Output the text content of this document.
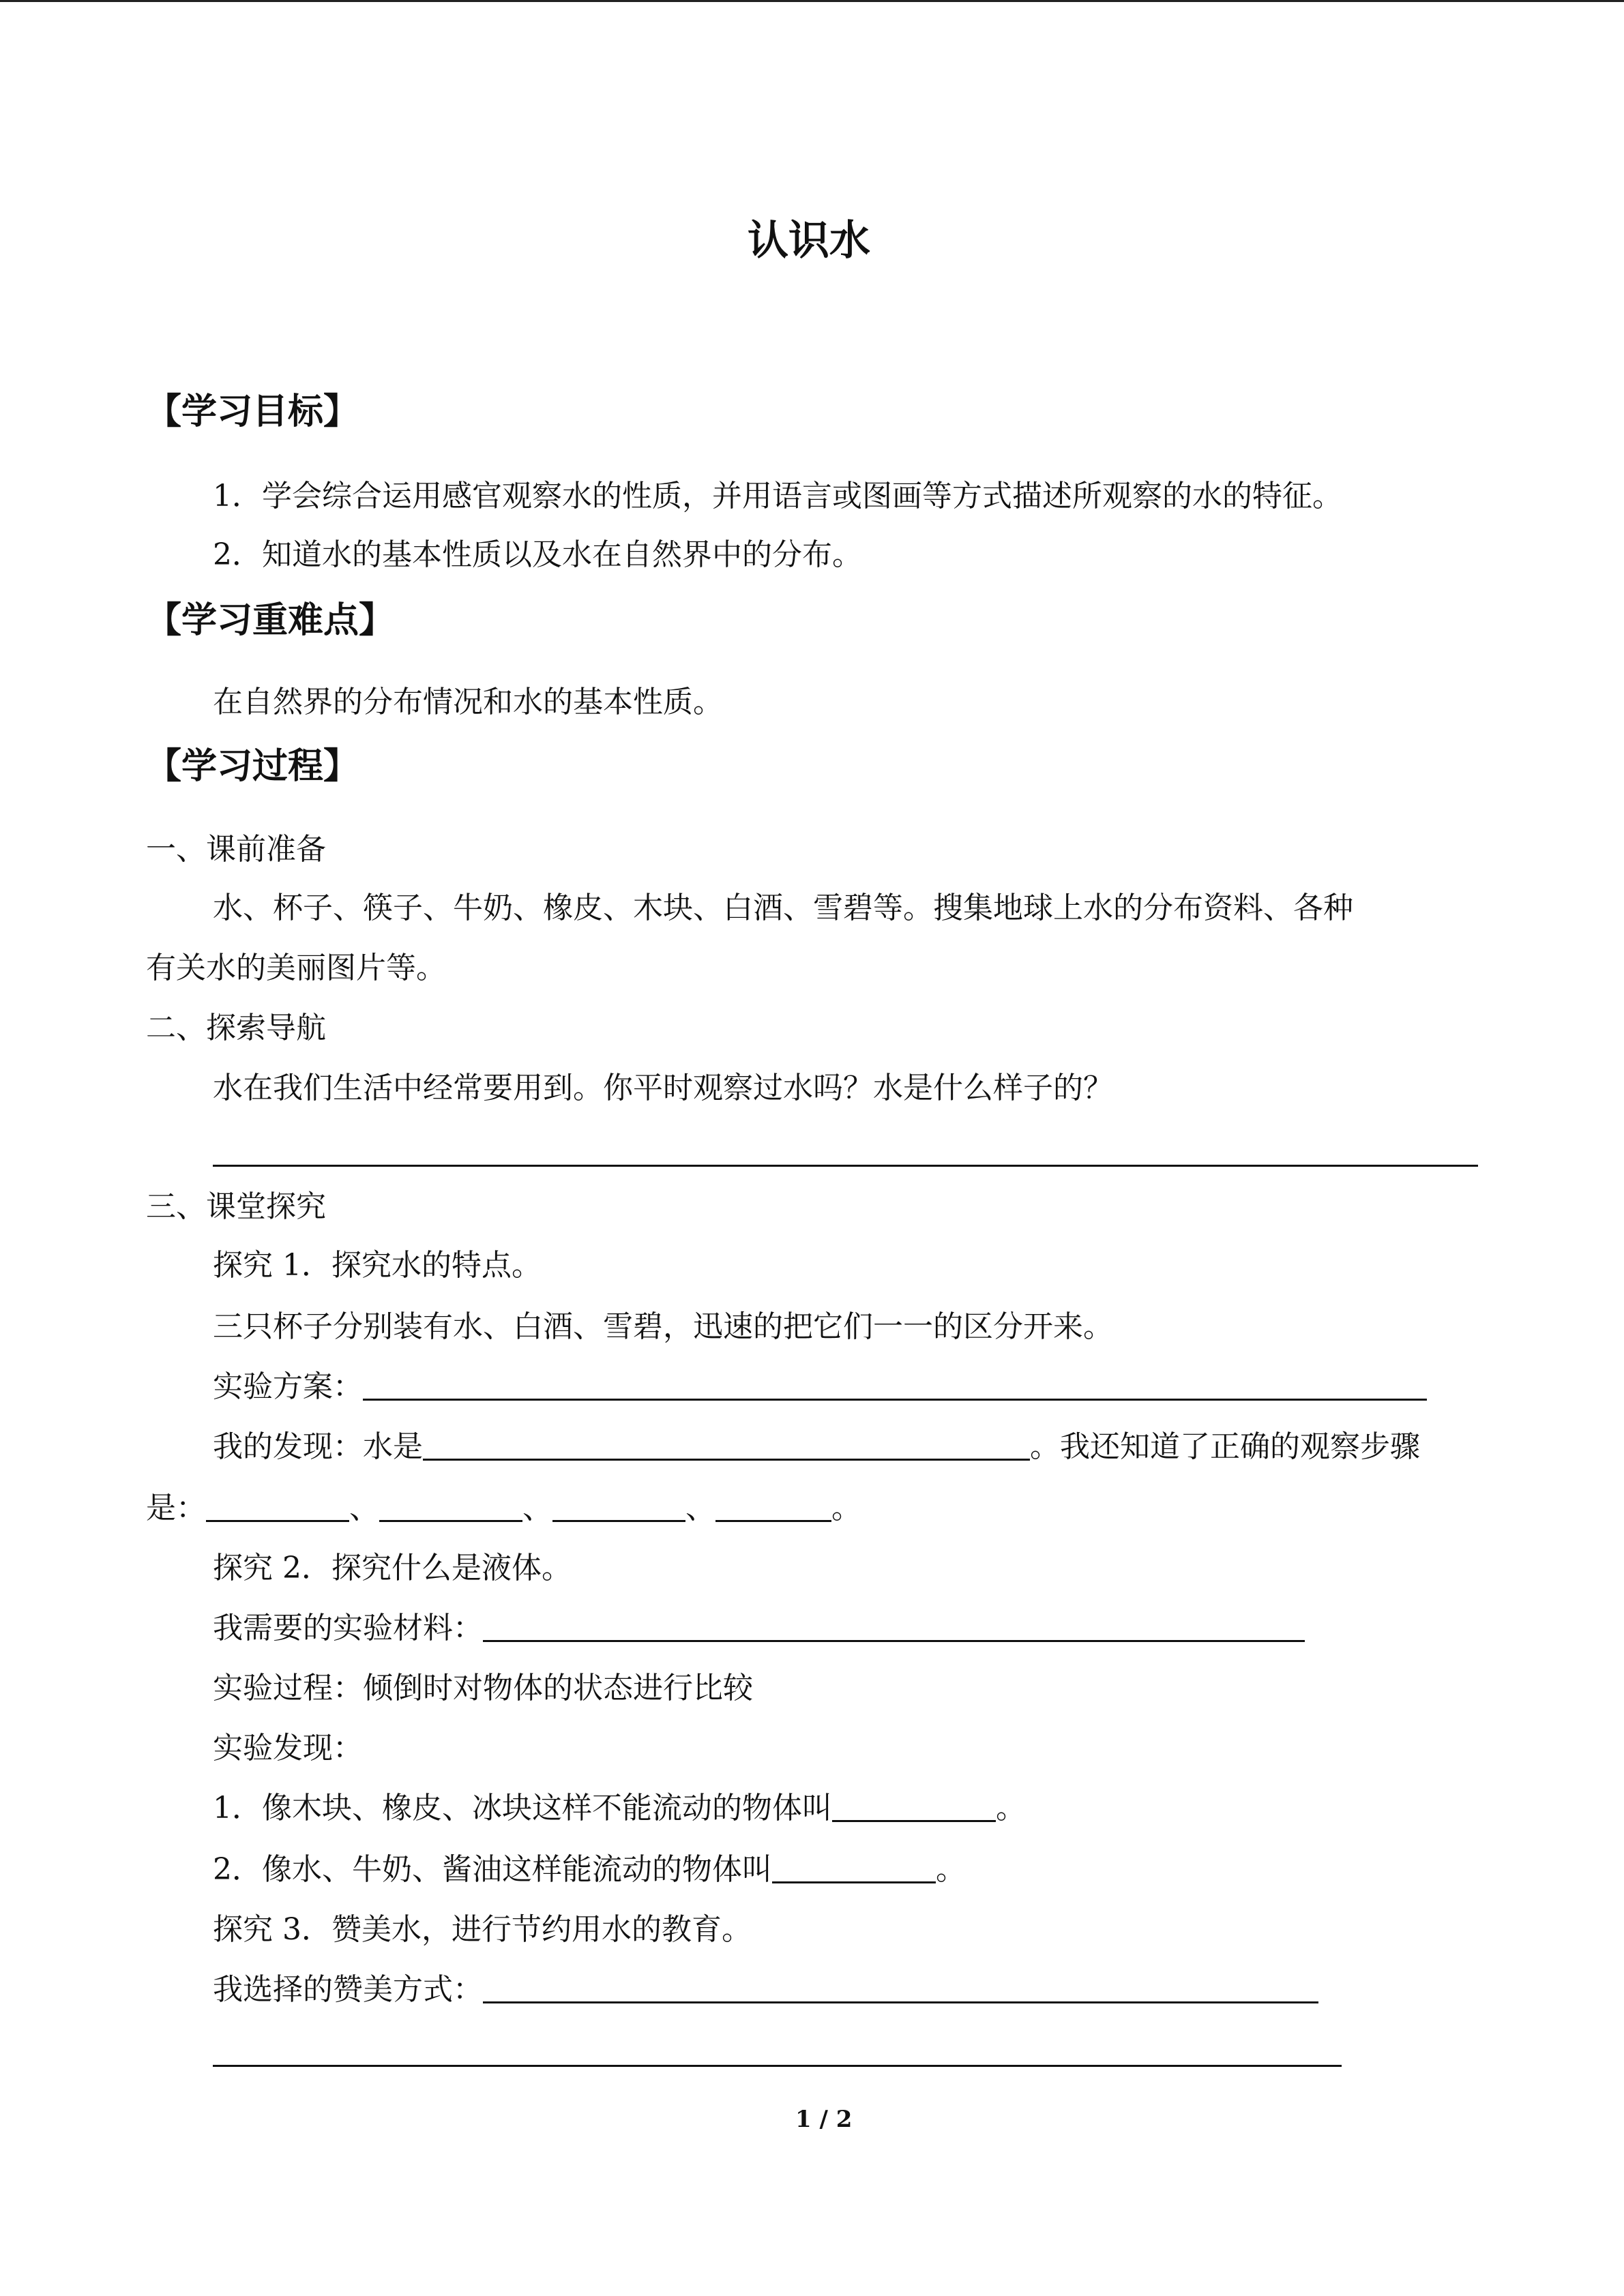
认识水
【学习目标】

1．学会综合运用感官观察水的性质，并用语言或图画等方式描述所观察的水的特征。

2．知道水的基本性质以及水在自然界中的分布。

【学习重难点】

在自然界的分布情况和水的基本性质。

【学习过程】

一、课前准备

水、杯子、筷子、牛奶、橡皮、木块、白酒、雪碧等。搜集地球上水的分布资料、各种

有关水的美丽图片等。

二、探索导航

水在我们生活中经常要用到。你平时观察过水吗？水是什么样子的？

三、课堂探究

探究 1．探究水的特点。

三只杯子分别装有水、白酒、雪碧，迅速的把它们一一的区分开来。

实验方案：

我的发现：水是	。我还知道了正确的观察步骤

是：	、	、	、	。

探究 2．探究什么是液体。

我需要的实验材料：

实验过程：倾倒时对物体的状态进行比较

实验发现：

1．像木块、橡皮、冰块这样不能流动的物体叫	。

2．像水、牛奶、酱油这样能流动的物体叫	。

探究 3．赞美水，进行节约用水的教育。

我选择的赞美方式：

1 / 2
